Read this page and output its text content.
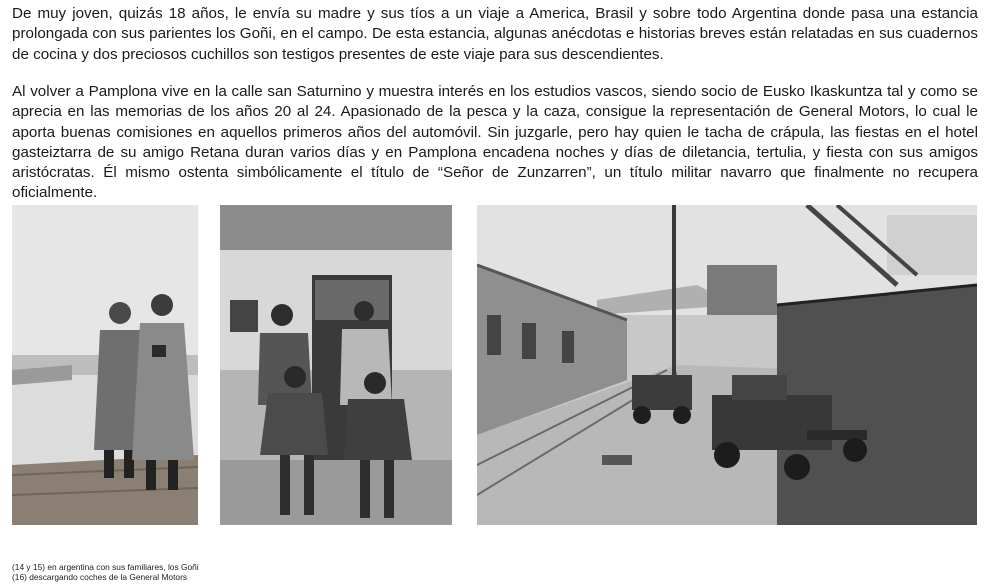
De muy joven, quizás 18 años, le envía su madre y sus tíos a un viaje a America, Brasil y sobre todo Argentina donde pasa una estancia prolongada con sus parientes los Goñi, en el campo. De esta estancia, algunas anécdotas e historias breves están relatadas en sus cuadernos de cocina y dos preciosos cuchillos son testigos presentes de este viaje para sus descendientes.

Al volver a Pamplona vive en la calle san Saturnino y muestra interés en los estudios vascos, siendo socio de Eusko Ikaskuntza tal y como se aprecia en las memorias de los años 20 al 24. Apasionado de la pesca y la caza, consigue la representación de General Motors, lo cual le aporta buenas comisiones en aquellos primeros años del automóvil. Sin juzgarle, pero hay quien le tacha de crápula, las fiestas en el hotel gasteiztarra de su amigo Retana duran varios días y en Pamplona encadena noches y días de diletancia, tertulia, y fiesta con sus amigos aristócratas. Él mismo ostenta simbólicamente el título de “Señor de Zunzarren”, un título militar navarro que finalmente no recupera oficialmente.

(14 y 15) en argentina con sus familiares, los Goñi

(16) descargando coches de la General Motors
